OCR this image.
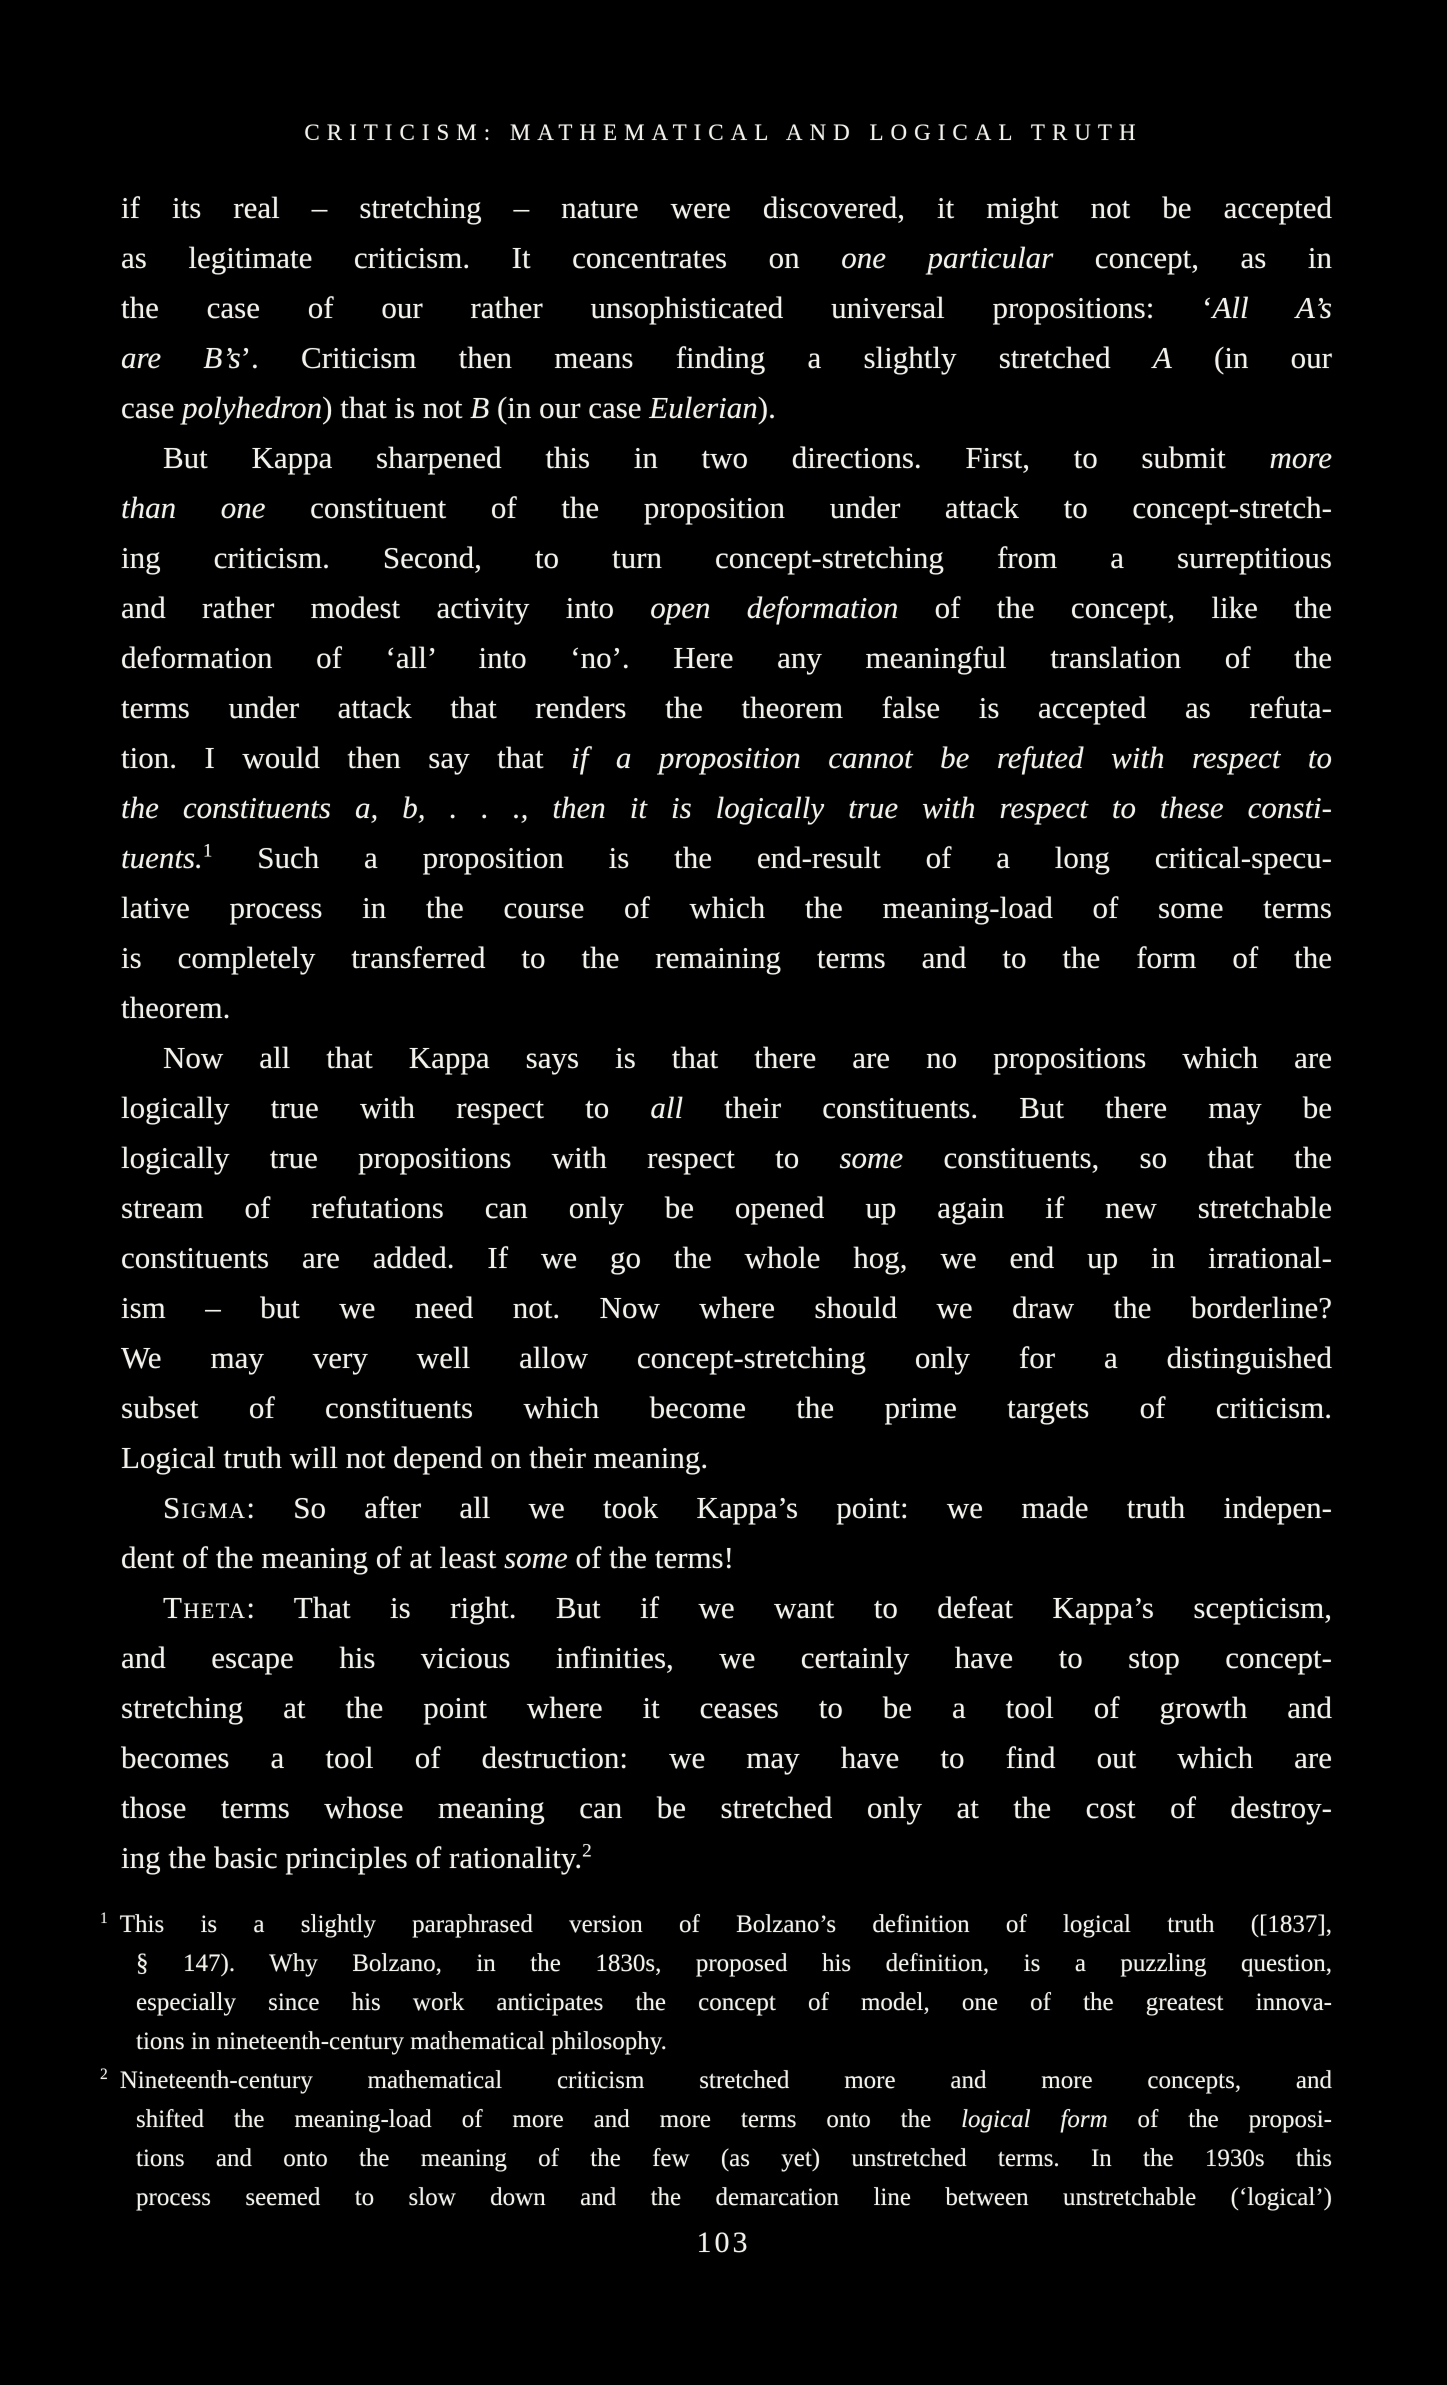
CRITICISM: MATHEMATICAL AND LOGICAL TRUTH
if its real – stretching – nature were discovered, it might not be accepted
as legitimate criticism. It concentrates on one particular concept, as in
the case of our rather unsophisticated universal propositions: ‘All A’s
are B’s’. Criticism then means finding a slightly stretched A (in our
case polyhedron) that is not B (in our case Eulerian).
But Kappa sharpened this in two directions. First, to submit more
than one constituent of the proposition under attack to concept-stretch-
ing criticism. Second, to turn concept-stretching from a surreptitious
and rather modest activity into open deformation of the concept, like the
deformation of ‘all’ into ‘no’. Here any meaningful translation of the
terms under attack that renders the theorem false is accepted as refuta-
tion. I would then say that if a proposition cannot be refuted with respect to
the constituents a, b, . . ., then it is logically true with respect to these consti-
tuents.$^1$ Such a proposition is the end-result of a long critical-specu-
lative process in the course of which the meaning-load of some terms
is completely transferred to the remaining terms and to the form of the
theorem.
Now all that Kappa says is that there are no propositions which are
logically true with respect to all their constituents. But there may be
logically true propositions with respect to some constituents, so that the
stream of refutations can only be opened up again if new stretchable
constituents are added. If we go the whole hog, we end up in irrational-
ism – but we need not. Now where should we draw the borderline?
We may very well allow concept-stretching only for a distinguished
subset of constituents which become the prime targets of criticism.
Logical truth will not depend on their meaning.
Sigma: So after all we took Kappa’s point: we made truth indepen-
dent of the meaning of at least some of the terms!
Theta: That is right. But if we want to defeat Kappa’s scepticism,
and escape his vicious infinities, we certainly have to stop concept-
stretching at the point where it ceases to be a tool of growth and
becomes a tool of destruction: we may have to find out which are
those terms whose meaning can be stretched only at the cost of destroy-
ing the basic principles of rationality.$^2$
$^1$ This is a slightly paraphrased version of Bolzano’s definition of logical truth ([1837],
§ 147). Why Bolzano, in the 1830s, proposed his definition, is a puzzling question,
especially since his work anticipates the concept of model, one of the greatest innova-
tions in nineteenth-century mathematical philosophy.
$^2$ Nineteenth-century mathematical criticism stretched more and more concepts, and
shifted the meaning-load of more and more terms onto the logical form of the proposi-
tions and onto the meaning of the few (as yet) unstretched terms. In the 1930s this
process seemed to slow down and the demarcation line between unstretchable (‘logical’)
103
